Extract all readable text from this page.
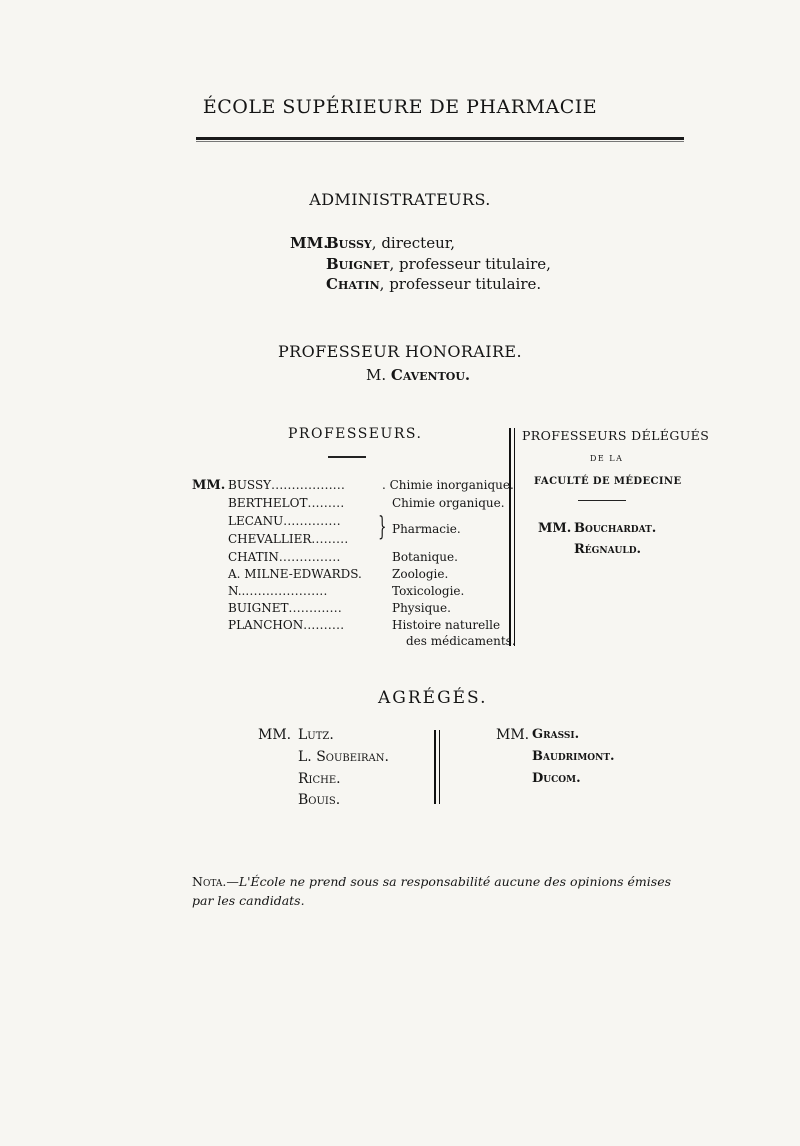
ÉCOLE SUPÉRIEURE DE PHARMACIE
ADMINISTRATEURS.
MM.
Bussy, directeur,
Buignet, professeur titulaire,
Chatin, professeur titulaire.
PROFESSEUR HONORAIRE.
M. Caventou.
PROFESSEURS.
MM. BUSSY..................	. Chimie inorganique.
BERTHELOT.........	Chimie organique.
LECANU..............
CHEVALLIER......... } Pharmacie.
CHATIN...............	Botanique.
A. MILNE-EDWARDS.	Zoologie.
N......................	Toxicologie.
BUIGNET.............	Physique.
PLANCHON..........	Histoire naturelle
des médicaments.
PROFESSEURS DÉLÉGUÉS
DE LA
FACULTÉ DE MÉDECINE
MM. Bouchardat.
Régnauld.
AGRÉGÉS.
MM. Lutz.
L. Soubeiran.
Riche.
Bouis.
MM. Grassi.
Baudrimont.
Ducom.
Nota.—L'École ne prend sous sa responsabilité aucune des opinions émises par les candidats.
